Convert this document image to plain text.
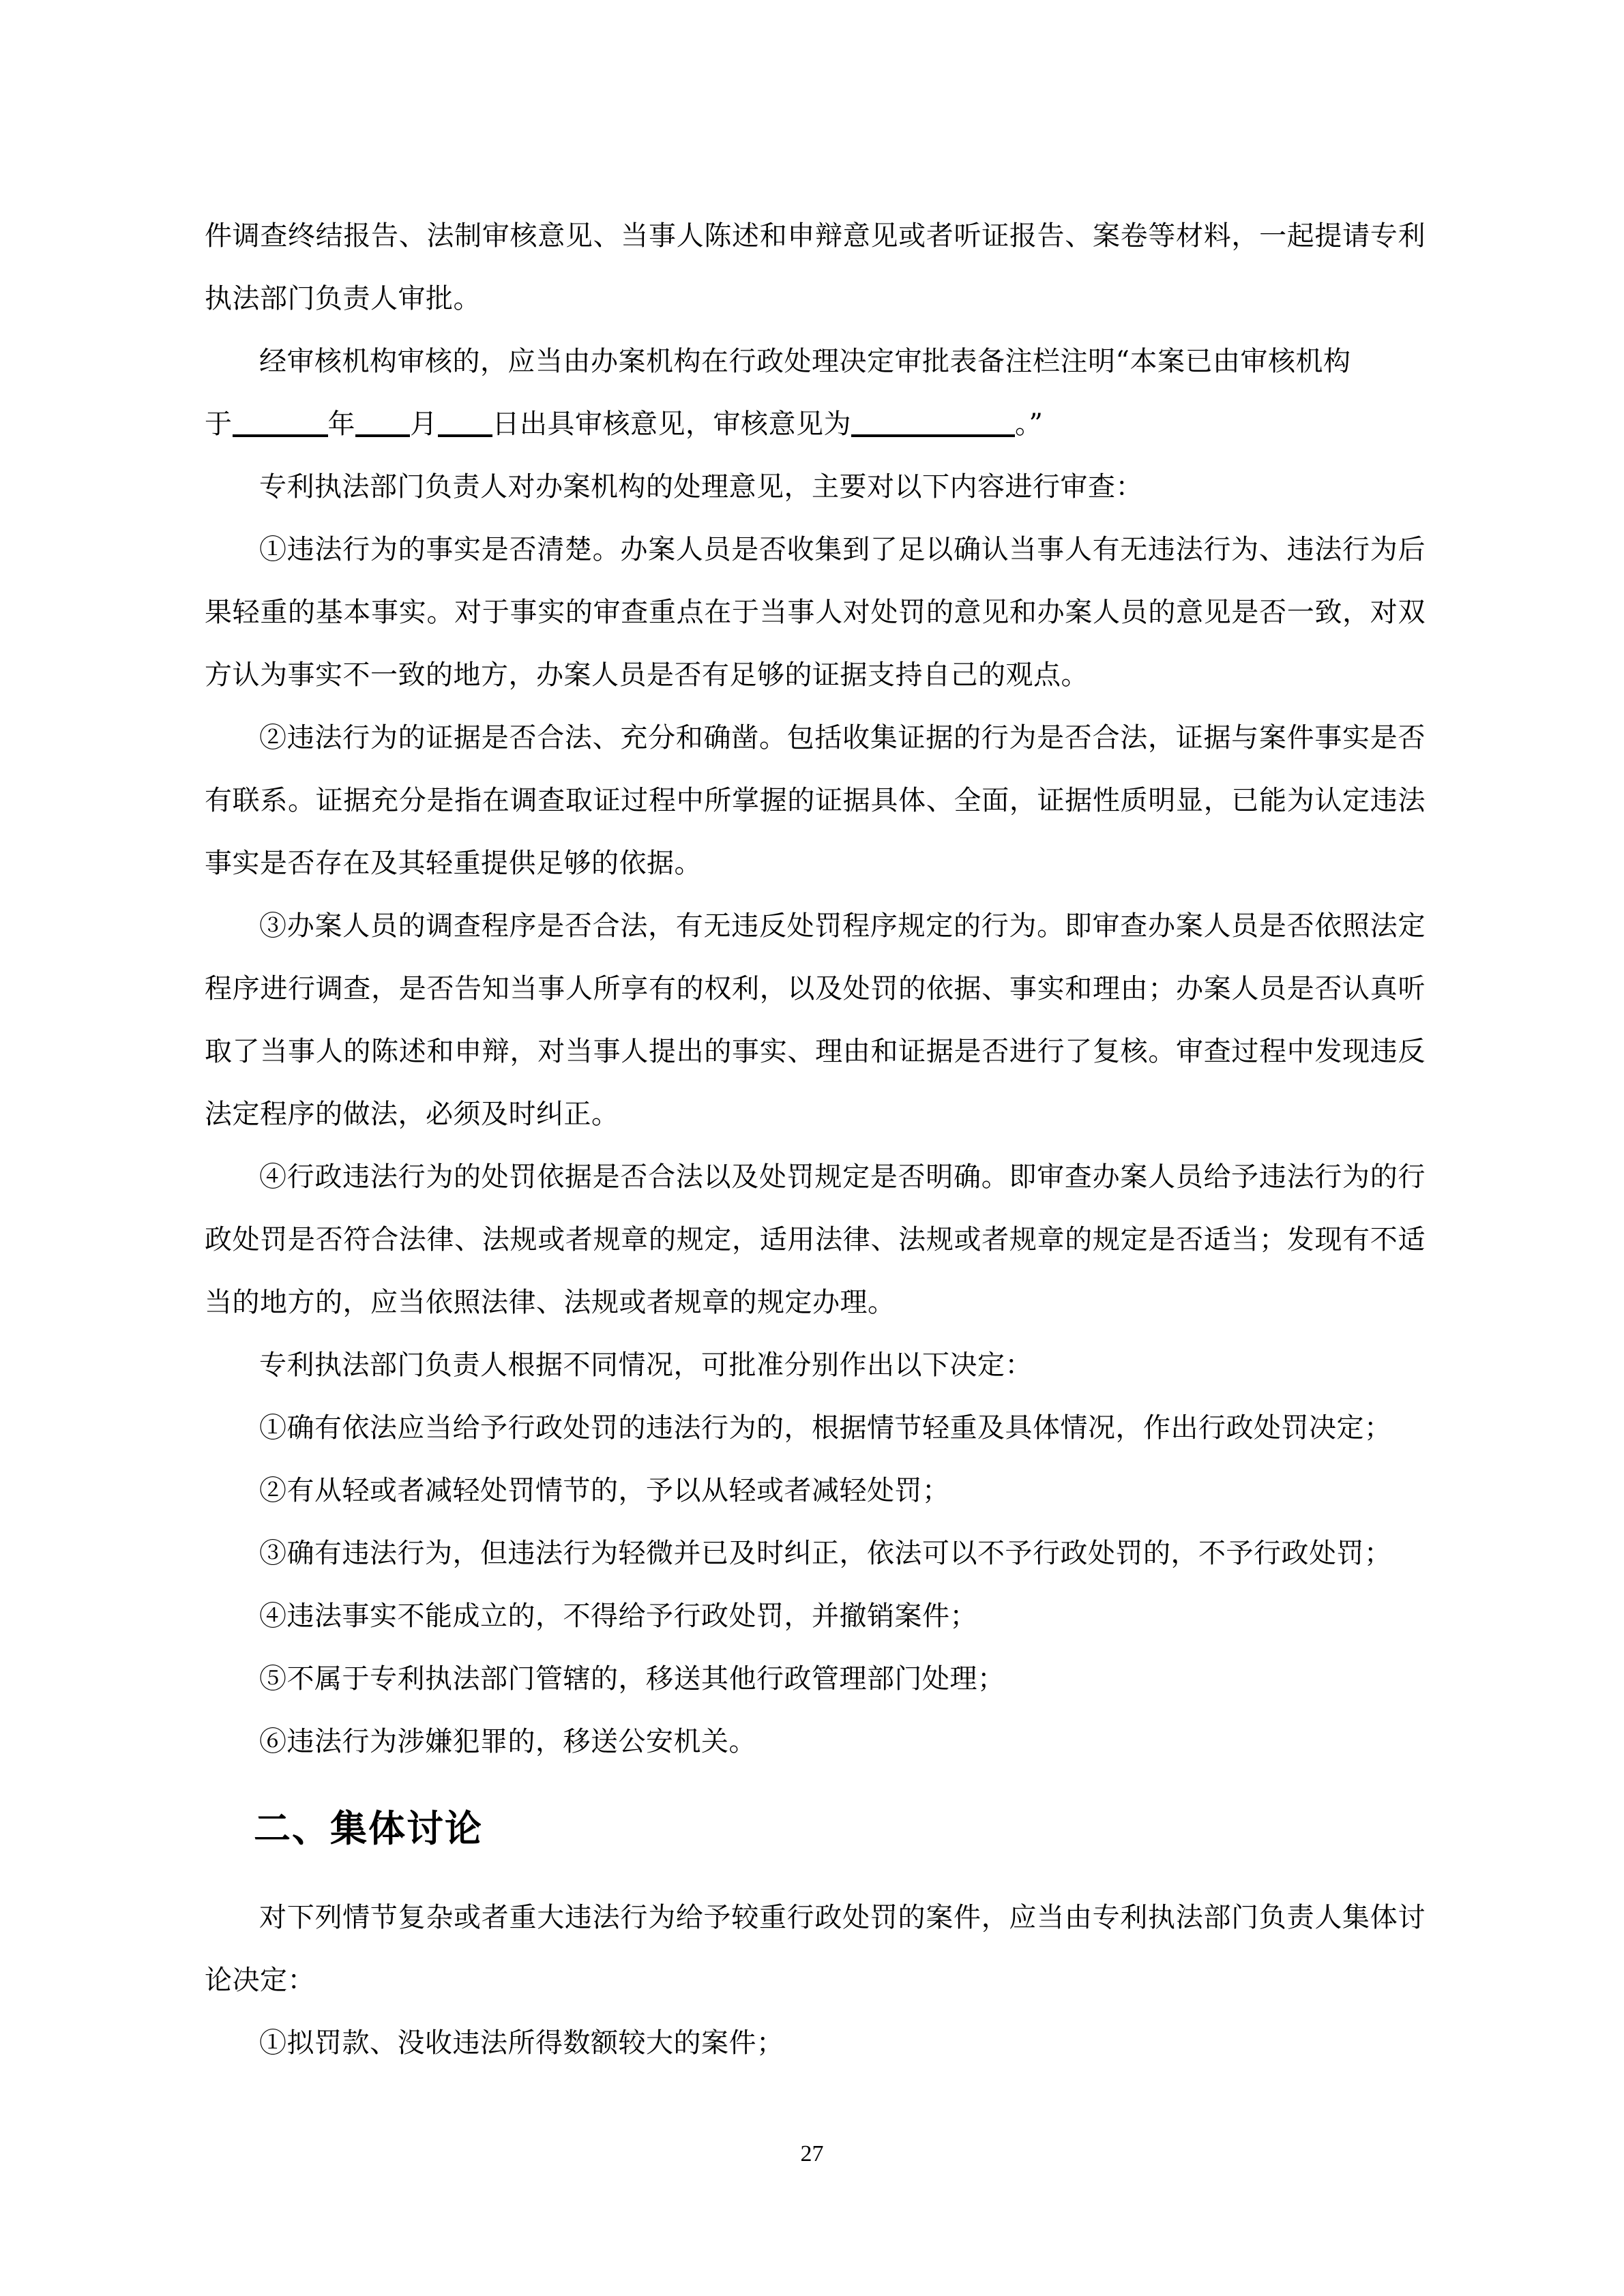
件调查终结报告、法制审核意见、当事人陈述和申辩意见或者听证报告、案卷等材料，一起提请专利执法部门负责人审批。

经审核机构审核的，应当由办案机构在行政处理决定审批表备注栏注明“本案已由审核机构

于	年 月 日出具审核意见，审核意见为	。”

专利执法部门负责人对办案机构的处理意见，主要对以下内容进行审查：

①违法行为的事实是否清楚。办案人员是否收集到了足以确认当事人有无违法行为、违法行为后果轻重的基本事实。对于事实的审查重点在于当事人对处罚的意见和办案人员的意见是否一致，对双方认为事实不一致的地方，办案人员是否有足够的证据支持自己的观点。

②违法行为的证据是否合法、充分和确凿。包括收集证据的行为是否合法，证据与案件事实是否有联系。证据充分是指在调查取证过程中所掌握的证据具体、全面，证据性质明显，已能为认定违法事实是否存在及其轻重提供足够的依据。

③办案人员的调查程序是否合法，有无违反处罚程序规定的行为。即审查办案人员是否依照法定程序进行调查，是否告知当事人所享有的权利，以及处罚的依据、事实和理由；办案人员是否认真听取了当事人的陈述和申辩，对当事人提出的事实、理由和证据是否进行了复核。审查过程中发现违反法定程序的做法，必须及时纠正。

④行政违法行为的处罚依据是否合法以及处罚规定是否明确。即审查办案人员给予违法行为的行政处罚是否符合法律、法规或者规章的规定，适用法律、法规或者规章的规定是否适当；发现有不适当的地方的，应当依照法律、法规或者规章的规定办理。

专利执法部门负责人根据不同情况，可批准分别作出以下决定：

①确有依法应当给予行政处罚的违法行为的，根据情节轻重及具体情况，作出行政处罚决定；

②有从轻或者减轻处罚情节的，予以从轻或者减轻处罚；

③确有违法行为，但违法行为轻微并已及时纠正，依法可以不予行政处罚的，不予行政处罚；

④违法事实不能成立的，不得给予行政处罚，并撤销案件；

⑤不属于专利执法部门管辖的，移送其他行政管理部门处理；

⑥违法行为涉嫌犯罪的，移送公安机关。

二、集体讨论

对下列情节复杂或者重大违法行为给予较重行政处罚的案件，应当由专利执法部门负责人集体讨论决定：

①拟罚款、没收违法所得数额较大的案件；

27
